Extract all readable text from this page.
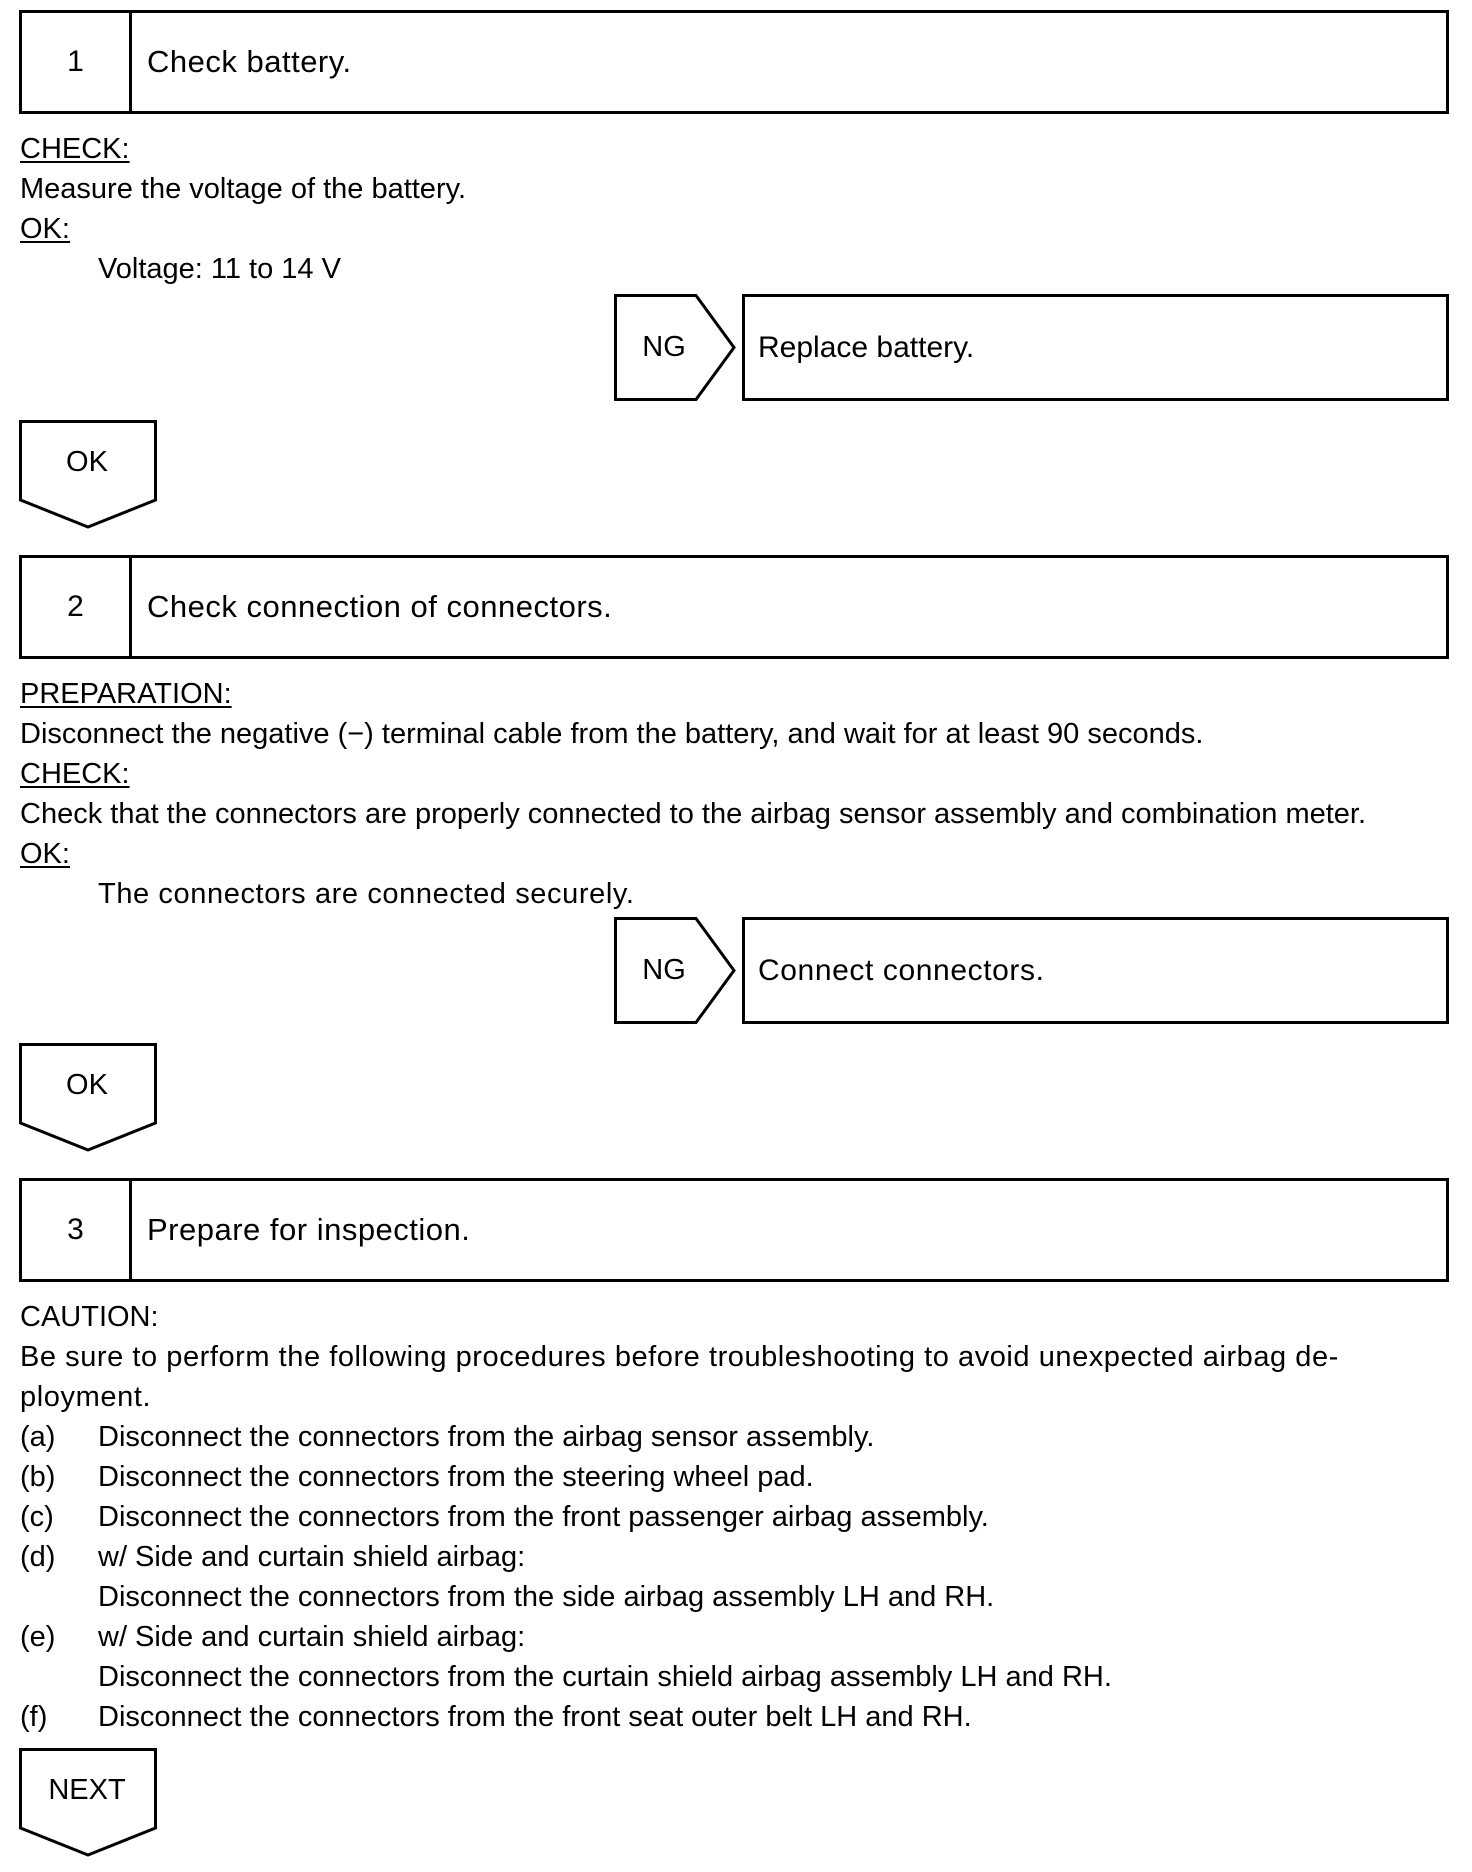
1	Check battery.
CHECK:
Measure the voltage of the battery.
OK:
Voltage: 11 to 14 V
NG	Replace battery.
OK
2	Check connection of connectors.
PREPARATION:
Disconnect the negative (−) terminal cable from the battery, and wait for at least 90 seconds.
CHECK:
Check that the connectors are properly connected to the airbag sensor assembly and combination meter.
OK:
The connectors are connected securely.
NG	Connect connectors.
OK
3	Prepare for inspection.
CAUTION:
Be sure to perform the following procedures before troubleshooting to avoid unexpected airbag de-
ployment.
(a) Disconnect the connectors from the airbag sensor assembly.
(b) Disconnect the connectors from the steering wheel pad.
(c) Disconnect the connectors from the front passenger airbag assembly.
(d) w/ Side and curtain shield airbag:
Disconnect the connectors from the side airbag assembly LH and RH.
(e) w/ Side and curtain shield airbag:
Disconnect the connectors from the curtain shield airbag assembly LH and RH.
(f) Disconnect the connectors from the front seat outer belt LH and RH.
NEXT
